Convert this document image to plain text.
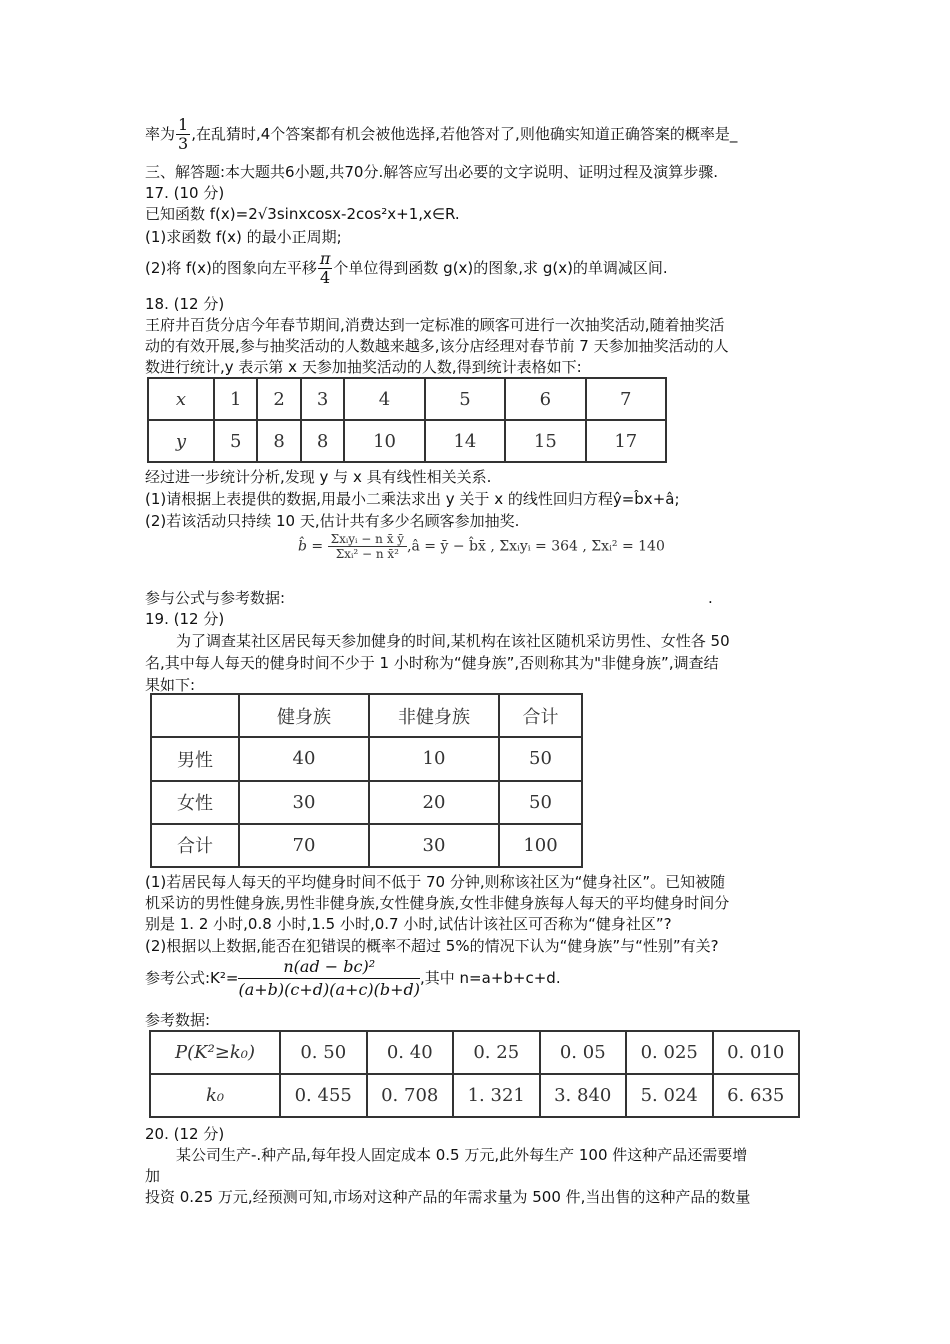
率为 $\frac{1}{3}$ ,在乱猜时,4个答案都有机会被他选择,若他答对了,则他确实知道正确答案的概率是_
三、解答题:本大题共6小题,共70分.解答应写出必要的文字说明、证明过程及演算步骤.
17. (10 分)
已知函数 f(x)=2√3sinxcosx-2cos²x+1,x∈R.
(1)求函数 f(x) 的最小正周期;
(2)将 f(x)的图象向左平移 $\frac{\pi}{4}$ 个单位得到函数 g(x)的图象,求 g(x)的单调减区间.
18. (12 分)
王府井百货分店今年春节期间,消费达到一定标准的顾客可进行一次抽奖活动,随着抽奖活
动的有效开展,参与抽奖活动的人数越来越多,该分店经理对春节前 7 天参加抽奖活动的人
数进行统计,y 表示第 x 天参加抽奖活动的人数,得到统计表格如下:
x	1	2	3	4	5	6	7
y	5	8	8	10	14	15	17
经过进一步统计分析,发现 y 与 x 具有线性相关关系.
(1)请根据上表提供的数据,用最小二乘法求出 y 关于 x 的线性回归方程ŷ=b̂x+â;
(2)若该活动只持续 10 天,估计共有多少名顾客参加抽奖.
b̂ = $\frac{\text{Σxᵢyᵢ − n x̄ ȳ}}{\text{Σxᵢ² − n x̄²}}$ ,â = ȳ − b̂x̄ , Σxᵢyᵢ = 364 , Σxᵢ² = 140
参与公式与参考数据:	.
19. (12 分)
为了调查某社区居民每天参加健身的时间,某机构在该社区随机采访男性、女性各 50
名,其中每人每天的健身时间不少于 1 小时称为“健身族”,否则称其为"非健身族”,调查结
果如下:
	健身族	非健身族	合计
男性	40	10	50
女性	30	20	50
合计	70	30	100
(1)若居民每人每天的平均健身时间不低于 70 分钟,则称该社区为“健身社区”。已知被随
机采访的男性健身族,男性非健身族,女性健身族,女性非健身族每人每天的平均健身时间分
别是 1. 2 小时,0.8 小时,1.5 小时,0.7 小时,试估计该社区可否称为“健身社区”?
(2)根据以上数据,能否在犯错误的概率不超过 5%的情况下认为“健身族”与“性别”有关?
参考公式:K²= $\frac{\text{n(ad − bc)²}}{(a+b)(c+d)(a+c)(b+d)}$ ,其中 n=a+b+c+d.
参考数据:
P(K²≥k₀)	0. 50	0. 40	0. 25	0. 05	0. 025	0. 010
k₀	0. 455	0. 708	1. 321	3. 840	5. 024	6. 635
20. (12 分)
某公司生产-.种产品,每年投人固定成本 0.5 万元,此外每生产 100 件这种产品还需要增
加
投资 0.25 万元,经预测可知,市场对这种产品的年需求量为 500 件,当出售的这种产品的数量
